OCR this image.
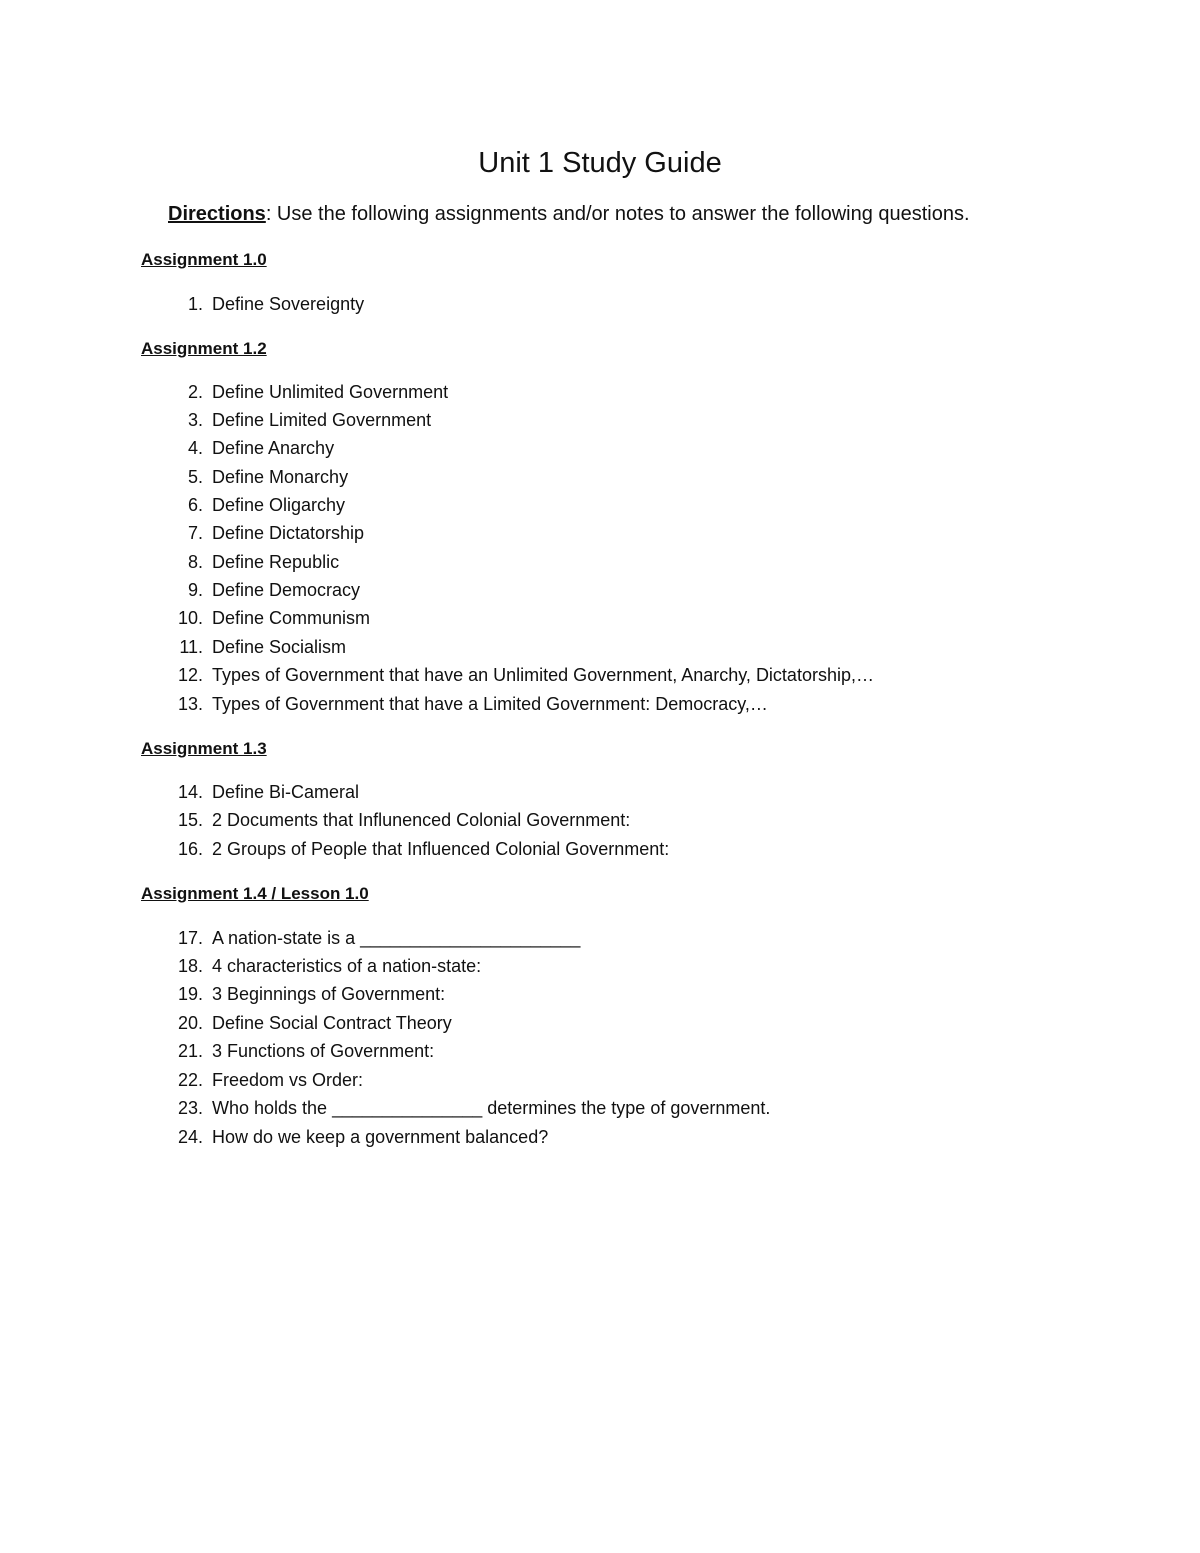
Unit 1 Study Guide
Directions: Use the following assignments and/or notes to answer the following questions.
Assignment 1.0
1. Define Sovereignty
Assignment 1.2
2. Define Unlimited Government
3. Define Limited Government
4. Define Anarchy
5. Define Monarchy
6. Define Oligarchy
7. Define Dictatorship
8. Define Republic
9. Define Democracy
10. Define Communism
11. Define Socialism
12. Types of Government that have an Unlimited Government, Anarchy, Dictatorship,…
13. Types of Government that have a Limited Government: Democracy,…
Assignment 1.3
14. Define Bi-Cameral
15. 2 Documents that Influnenced Colonial Government:
16. 2 Groups of People that Influenced Colonial Government:
Assignment 1.4 / Lesson 1.0
17. A nation-state is a ______________________
18. 4 characteristics of a nation-state:
19. 3 Beginnings of Government:
20. Define Social Contract Theory
21. 3 Functions of Government:
22. Freedom vs Order:
23. Who holds the _______________ determines the type of government.
24. How do we keep a government balanced?
